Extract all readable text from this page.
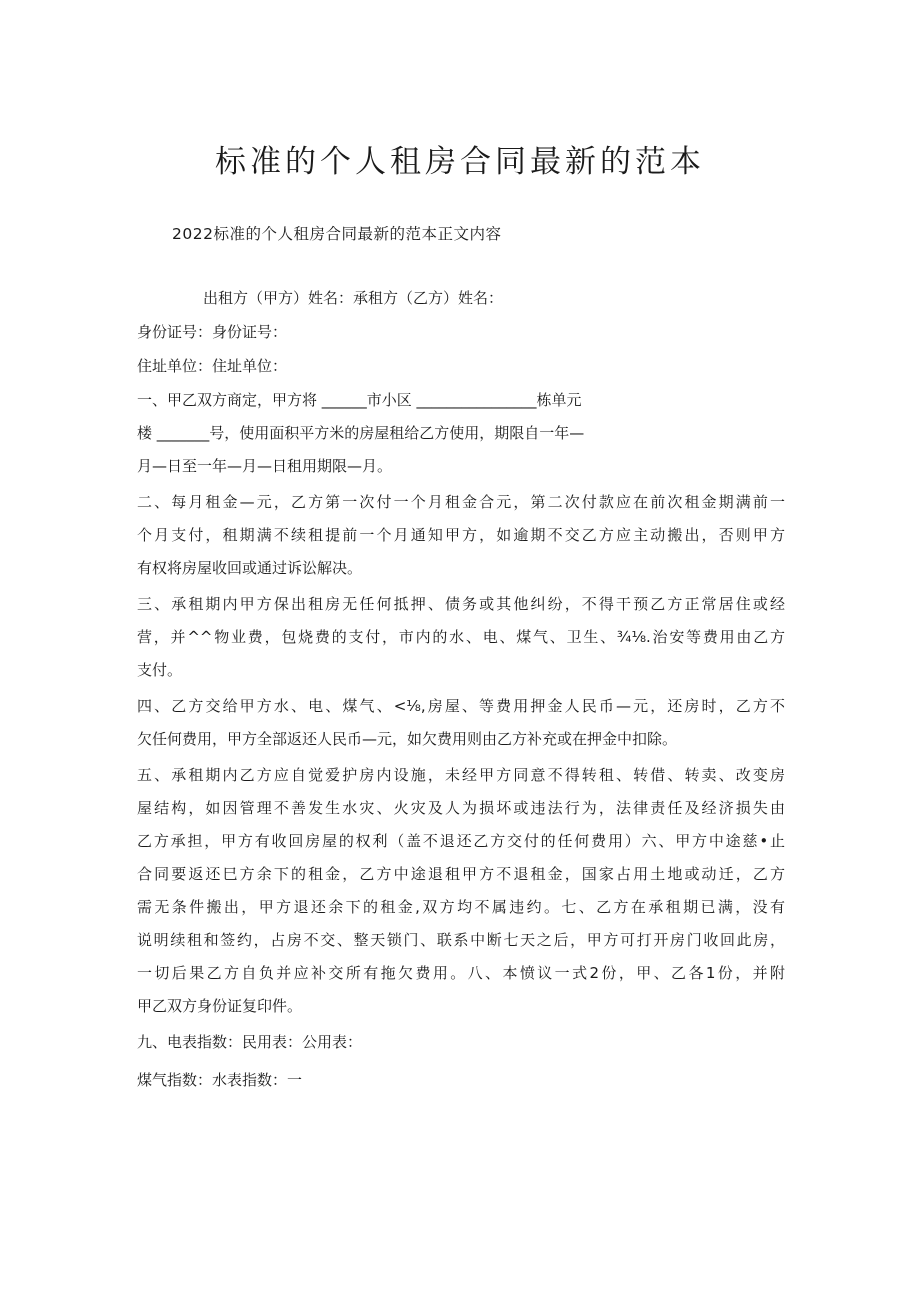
标准的个人租房合同最新的范本
2022标准的个人租房合同最新的范本正文内容

出租方（甲方）姓名：承租方（乙方）姓名：

身份证号：身份证号：

住址单位：住址单位：

一、甲乙双方商定，甲方将 ______市小区 ________________栋单元

楼 _______号，使用面积平方米的房屋租给乙方使用，期限自一年—

月—日至一年—月—日租用期限—月。

二、每月租金—元，乙方第一次付一个月租金合元，第二次付款应在前次租金期满前一

个月支付，租期满不续租提前一个月通知甲方，如逾期不交乙方应主动搬出，否则甲方

有权将房屋收回或通过诉讼解决。

三、承租期内甲方保出租房无任何抵押、债务或其他纠纷，不得干预乙方正常居住或经

营，并^^物业费，包烧费的支付，市内的水、电、煤气、卫生、¾⅛.治安等费用由乙方

支付。

四、乙方交给甲方水、电、煤气、<⅛,房屋、等费用押金人民币—元，还房时，乙方不

欠任何费用，甲方全部返还人民币—元，如欠费用则由乙方补充或在押金中扣除。

五、承租期内乙方应自觉爱护房内设施，未经甲方同意不得转租、转借、转卖、改变房

屋结构，如因管理不善发生水灾、火灾及人为损坏或违法行为，法律责任及经济损失由

乙方承担，甲方有收回房屋的权利（盖不退还乙方交付的任何费用）六、甲方中途慈•止

合同要返还巳方余下的租金，乙方中途退租甲方不退租金，国家占用土地或动迁，乙方

需无条件搬出，甲方退还余下的租金,双方均不属违约。七、乙方在承租期已满，没有

说明续租和签约，占房不交、整天锁门、联系中断七天之后，甲方可打开房门收回此房，

一切后果乙方自负并应补交所有拖欠费用。八、本愤议一式2份，甲、乙各1份，并附

甲乙双方身份证复印件。

九、电表指数：民用表：公用表：

煤气指数：水表指数：一
